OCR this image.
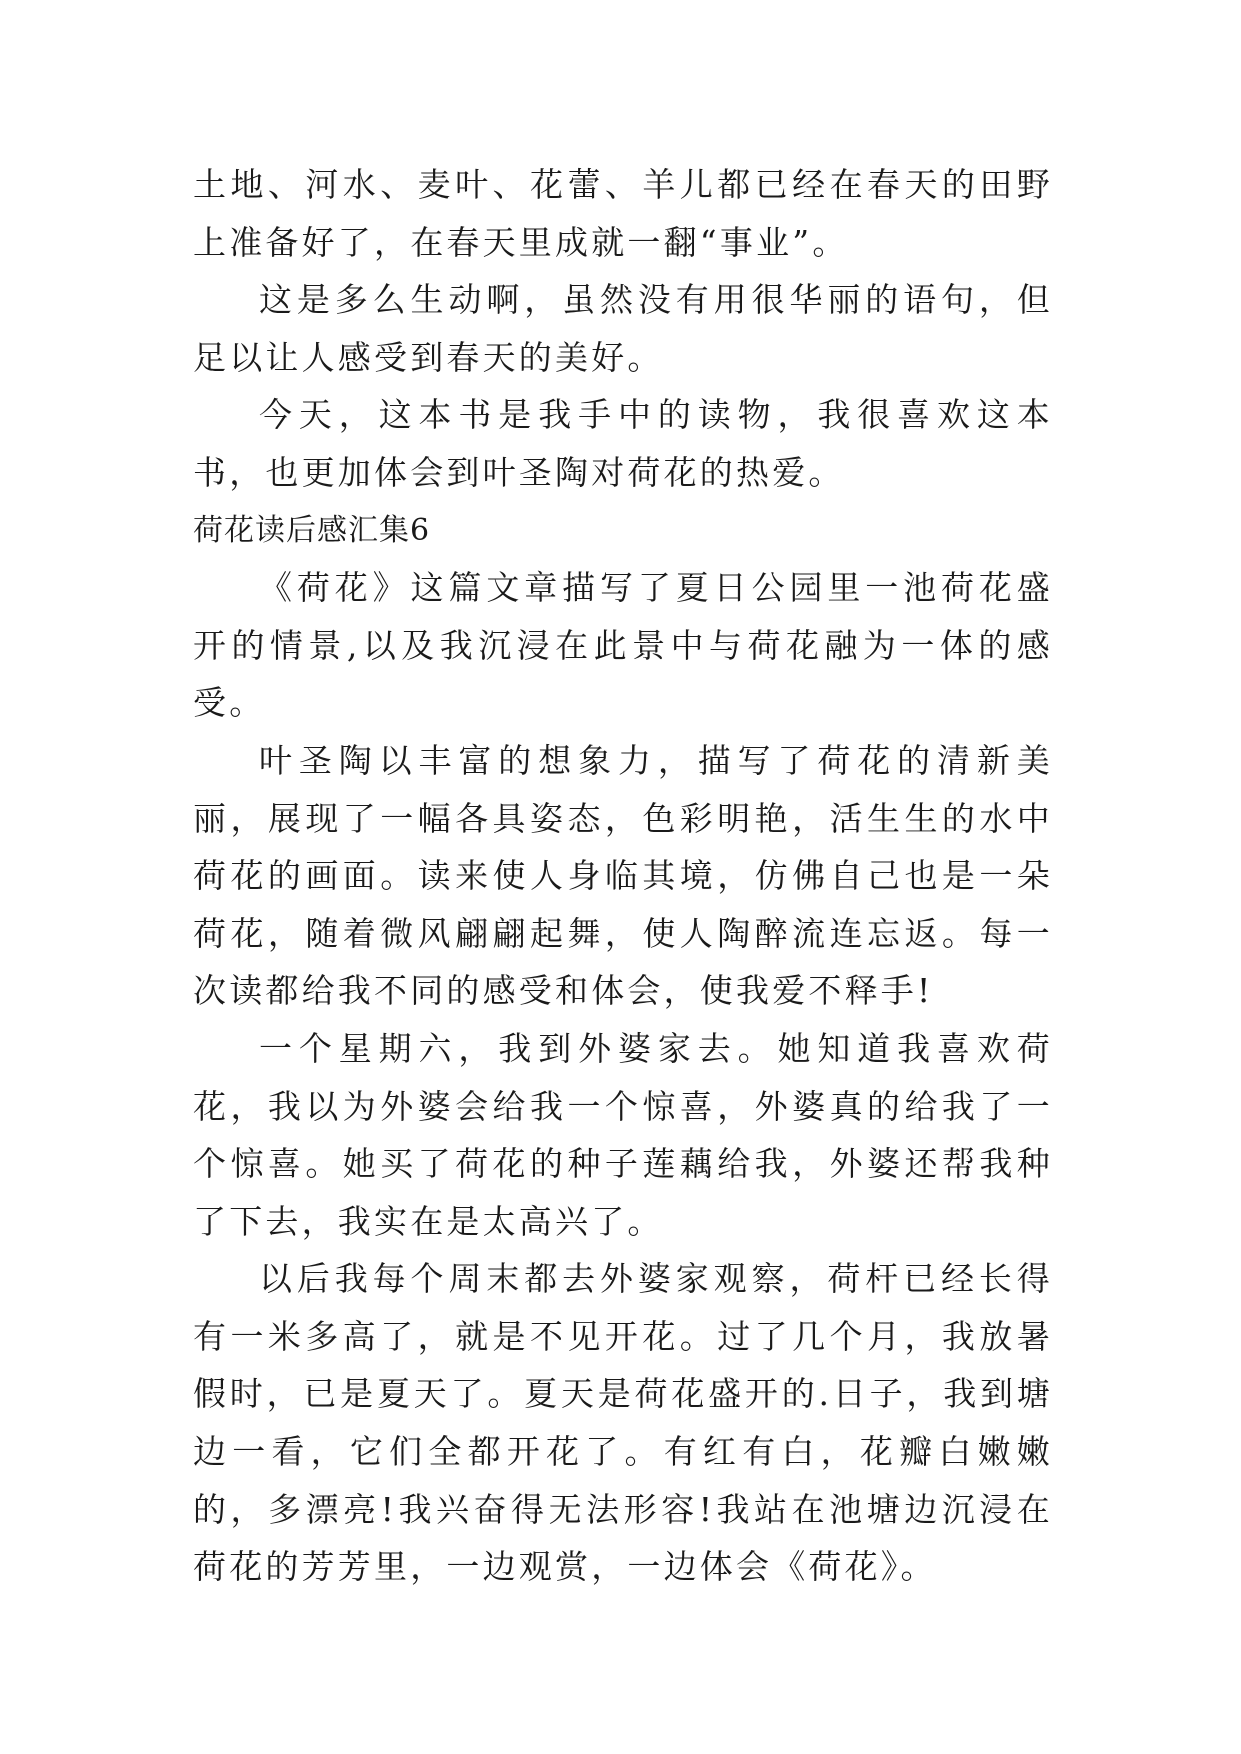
土地、河水、麦叶、花蕾、羊儿都已经在春天的田野上准备好了，在春天里成就一翻“事业”。

这是多么生动啊，虽然没有用很华丽的语句，但足以让人感受到春天的美好。

今天，这本书是我手中的读物，我很喜欢这本书，也更加体会到叶圣陶对荷花的热爱。

荷花读后感汇集6

《荷花》这篇文章描写了夏日公园里一池荷花盛开的情景,以及我沉浸在此景中与荷花融为一体的感受。

叶圣陶以丰富的想象力，描写了荷花的清新美丽，展现了一幅各具姿态，色彩明艳，活生生的水中荷花的画面。读来使人身临其境，仿佛自己也是一朵荷花，随着微风翩翩起舞，使人陶醉流连忘返。每一次读都给我不同的感受和体会，使我爱不释手!

一个星期六，我到外婆家去。她知道我喜欢荷花，我以为外婆会给我一个惊喜，外婆真的给我了一个惊喜。她买了荷花的种子莲藕给我，外婆还帮我种了下去，我实在是太高兴了。

以后我每个周末都去外婆家观察，荷杆已经长得有一米多高了，就是不见开花。过了几个月，我放暑假时，已是夏天了。夏天是荷花盛开的.日子，我到塘边一看，它们全都开花了。有红有白，花瓣白嫩嫩的，多漂亮!我兴奋得无法形容!我站在池塘边沉浸在荷花的芳芳里，一边观赏，一边体会《荷花》。
